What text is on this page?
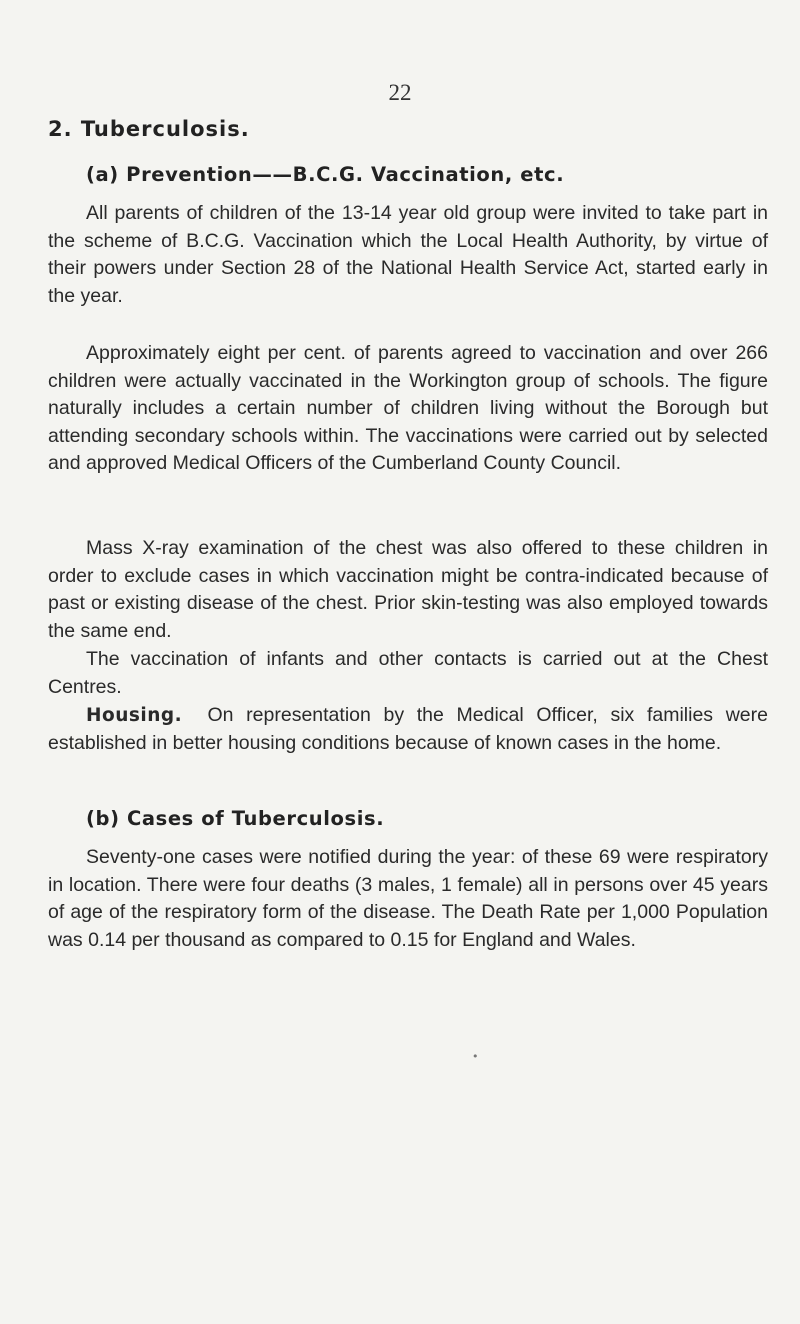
22
2. Tuberculosis.
(a) Prevention——B.C.G. Vaccination, etc.

All parents of children of the 13-14 year old group were invited to take part in the scheme of B.C.G. Vaccination which the Local Health Authority, by virtue of their powers under Section 28 of the National Health Service Act, started early in the year.

Approximately eight per cent. of parents agreed to vaccination and over 266 children were actually vaccinated in the Workington group of schools. The figure naturally includes a certain number of children living without the Borough but attending secondary schools within. The vaccinations were carried out by selected and approved Medical Officers of the Cumberland County Council.

Mass X-ray examination of the chest was also offered to these children in order to exclude cases in which vaccination might be contra-indicated because of past or existing disease of the chest. Prior skin-testing was also employed towards the same end.

The vaccination of infants and other contacts is carried out at the Chest Centres.

Housing. On representation by the Medical Officer, six families were established in better housing conditions because of known cases in the home.

(b) Cases of Tuberculosis.

Seventy-one cases were notified during the year: of these 69 were respiratory in location. There were four deaths (3 males, 1 female) all in persons over 45 years of age of the respiratory form of the disease. The Death Rate per 1,000 Population was 0.14 per thousand as compared to 0.15 for England and Wales.

•
